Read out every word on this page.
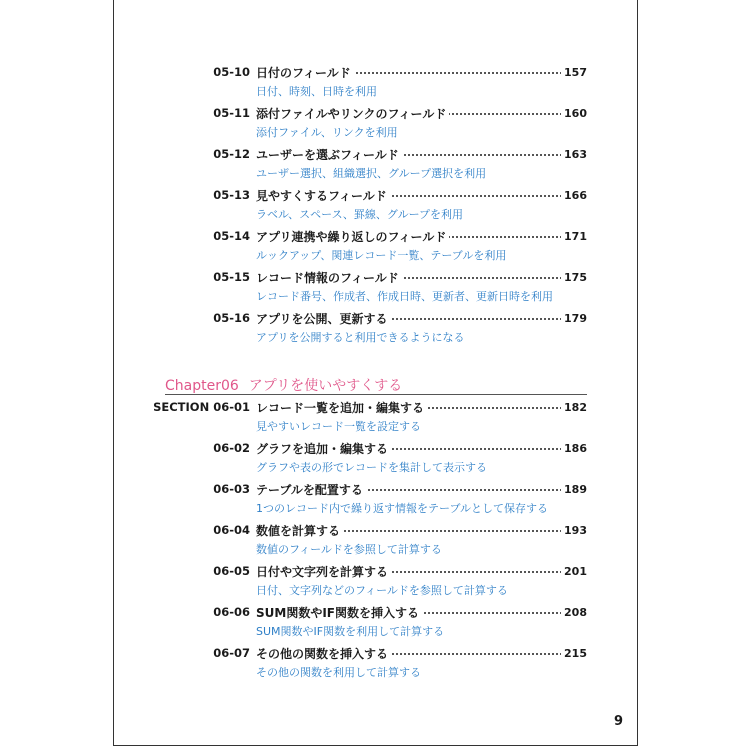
05-10 日付のフィールド	157
日付、時刻、日時を利用
05-11 添付ファイルやリンクのフィールド	160
添付ファイル、リンクを利用
05-12 ユーザーを選ぶフィールド	163
ユーザー選択、組織選択、グループ選択を利用
05-13 見やすくするフィールド	166
ラベル、スペース、罫線、グループを利用
05-14 アプリ連携や繰り返しのフィールド	171
ルックアップ、関連レコード一覧、テーブルを利用
05-15 レコード情報のフィールド	175
レコード番号、作成者、作成日時、更新者、更新日時を利用
05-16 アプリを公開、更新する	179
アプリを公開すると利用できるようになる
Chapter06 アプリを使いやすくする
SECTION 06-01 レコード一覧を追加・編集する	182
見やすいレコード一覧を設定する
06-02 グラフを追加・編集する	186
グラフや表の形でレコードを集計して表示する
06-03 テーブルを配置する	189
1つのレコード内で繰り返す情報をテーブルとして保存する
06-04 数値を計算する	193
数値のフィールドを参照して計算する
06-05 日付や文字列を計算する	201
日付、文字列などのフィールドを参照して計算する
06-06 SUM関数やIF関数を挿入する	208
SUM関数やIF関数を利用して計算する
06-07 その他の関数を挿入する	215
その他の関数を利用して計算する
9
